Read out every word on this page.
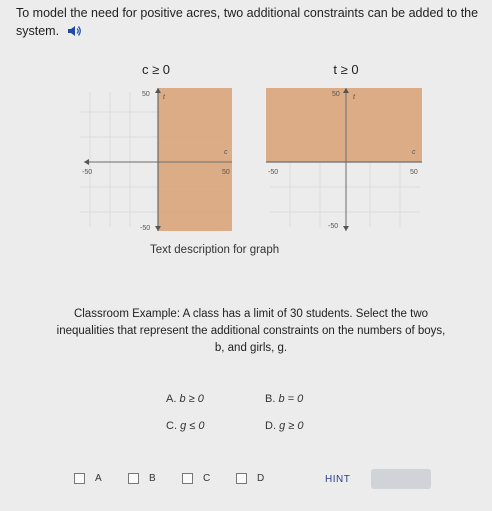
To model the need for positive acres, two additional constraints can be added to the system.
c ≥ 0
50 t
c
-50	50
-50
t ≥ 0
50 t
c
-50	50
-50
Text description for graph
Classroom Example: A class has a limit of 30 students. Select the two inequalities that represent the additional constraints on the numbers of boys, b, and girls, g.
A. b ≥ 0	B. b = 0
C. g ≤ 0	D. g ≥ 0
A	B	C	D	HINT
